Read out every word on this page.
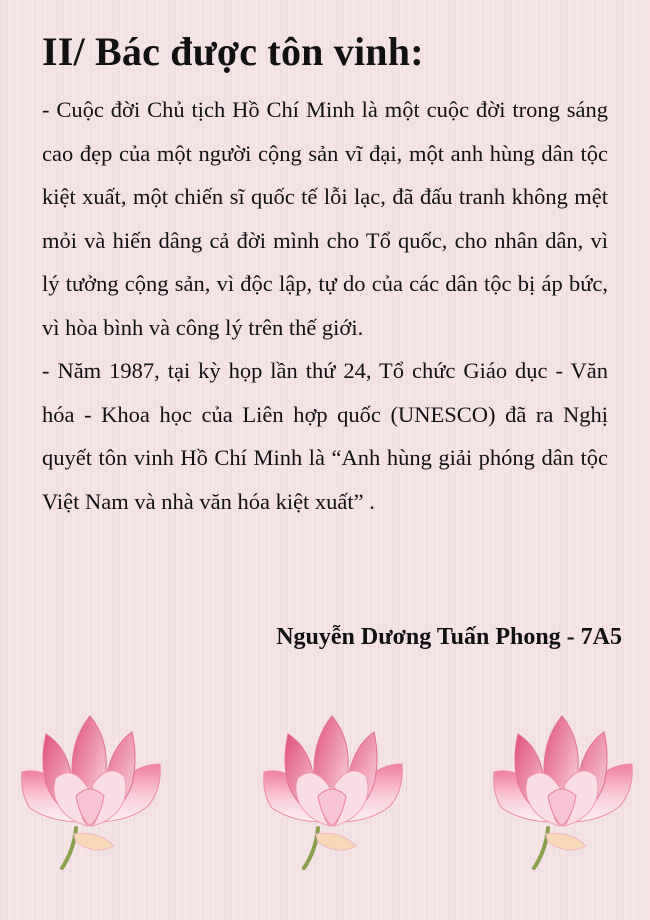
II/ Bác được tôn vinh:

- Cuộc đời Chủ tịch Hồ Chí Minh là một cuộc đời trong sáng cao đẹp của một người cộng sản vĩ đại, một anh hùng dân tộc kiệt xuất, một chiến sĩ quốc tế lỗi lạc, đã đấu tranh không mệt mỏi và hiến dâng cả đời mình cho Tổ quốc, cho nhân dân, vì lý tưởng cộng sản, vì độc lập, tự do của các dân tộc bị áp bức, vì hòa bình và công lý trên thế giới.

- Năm 1987, tại kỳ họp lần thứ 24, Tổ chức Giáo dục - Văn hóa - Khoa học của Liên hợp quốc (UNESCO) đã ra Nghị quyết tôn vinh Hồ Chí Minh là “Anh hùng giải phóng dân tộc Việt Nam và nhà văn hóa kiệt xuất” .

Nguyễn Dương Tuấn Phong - 7A5
